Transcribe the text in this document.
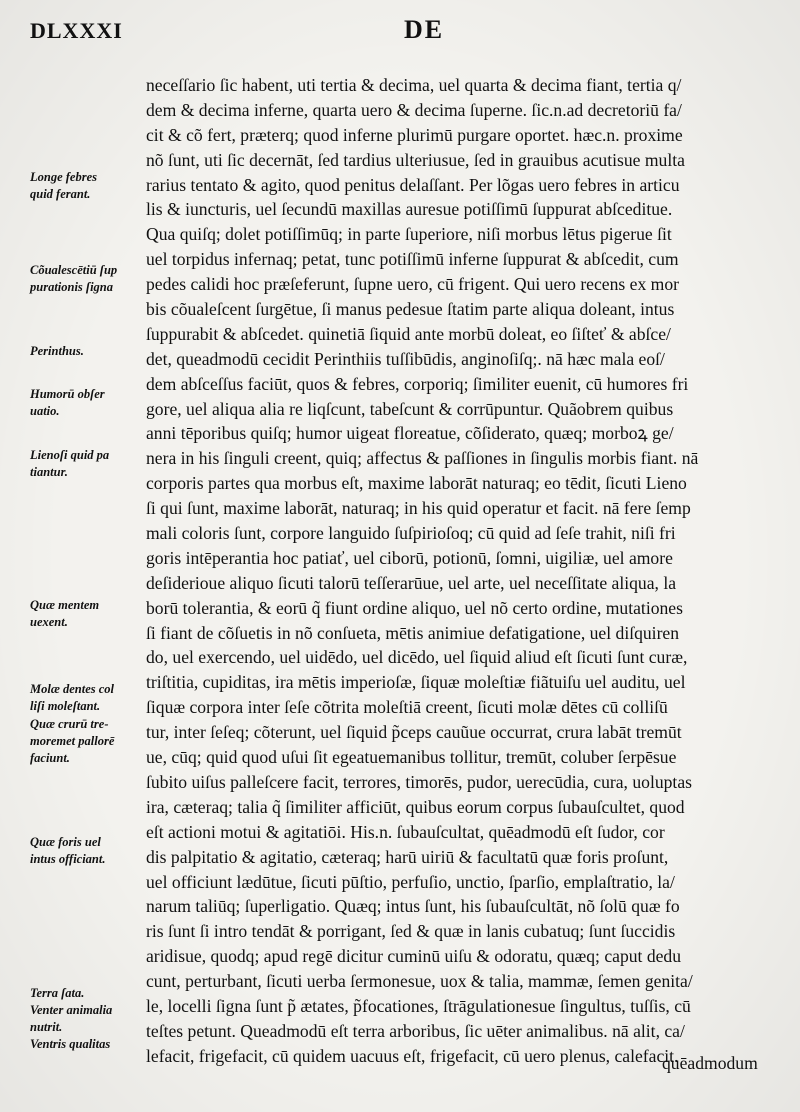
DLXXXI	DE
Longe febres
quid ferant.
Cõualescētiū ſup
purationis ſigna
Perinthus.
Humorū obſer
uatio.
Lienoſi quid pa
tiantur.
Quæ mentem
uexent.
Molæ dentes col
liſi moleſtant.
Quæ crurū tre-
moremet pallorē
faciunt.
Quæ foris uel
intus officiant.
Terra ſata.
Venter animalia
nutrit.
Ventris qualitas
neceſſario ſic habent, uti tertia & decima, uel quarta & decima fiant, tertia q/
dem & decima inferne, quarta uero & decima ſuperne. ſic.n.ad decretoriū fa/
cit & cõ fert, præterq; quod inferne plurimū purgare oportet. hæc.n. proxime
nõ ſunt, uti ſic decernāt, ſed tardius ulteriusue, ſed in grauibus acutisue multa
rarius tentato & agito, quod penitus delaſſant. Per lõgas uero febres in articu
lis & iuncturis, uel ſecundū maxillas auresue potiſſimū ſuppurat abſceditue.
Qua quiſq; dolet potiſſimūq; in parte ſuperiore, niſi morbus lētus pigerue ſit
uel torpidus infernaq; petat, tunc potiſſimū inferne ſuppurat & abſcedit, cum
pedes calidi hoc præſeferunt, ſupne uero, cū frigent. Qui uero recens ex mor
bis cõualeſcent ſurgētue, ſi manus pedesue ſtatim parte aliqua doleant, intus
ſuppurabit & abſcedet. quinetiā ſiquid ante morbū doleat, eo ſiſteť & abſce/
det, queadmodū cecidit Perinthiis tuſſibūdis, anginoſiſq;. nā hæc mala eoſ/
dem abſceſſus faciūt, quos & febres, corporiq; ſimiliter euenit, cū humores fri
gore, uel aliqua alia re liqſcunt, tabeſcunt & corrūpuntur. Quãobrem quibus
anni tēporibus quiſq; humor uigeat floreatue, cõſiderato, quæq; morboꝝ ge/
nera in his ſinguli creent, quiq; affectus & paſſiones in ſingulis morbis fiant. nā
corporis partes qua morbus eſt, maxime laborāt naturaq; eo tēdit, ſicuti Lieno
ſi qui ſunt, maxime laborāt, naturaq; in his quid operatur et facit. nā fere ſemp
mali coloris ſunt, corpore languido ſuſpirioſoq; cū quid ad ſeſe trahit, niſi fri
goris intēperantia hoc patiať, uel ciborū, potionū, ſomni, uigiliæ, uel amore
deſiderioue aliquo ſicuti talorū teſſerarūue, uel arte, uel neceſſitate aliqua, la
borū tolerantia, & eorū q̃ fiunt ordine aliquo, uel nõ certo ordine, mutationes
ſi fiant de cõſuetis in nõ conſueta, mētis animiue defatigatione, uel diſquiren
do, uel exercendo, uel uidēdo, uel dicēdo, uel ſiquid aliud eſt ſicuti ſunt curæ,
triſtitia, cupiditas, ira mētis imperioſæ, ſiquæ moleſtiæ fiãtuiſu uel auditu, uel
ſiquæ corpora inter ſeſe cõtrita moleſtiā creent, ſicuti molæ dētes cū colliſū
tur, inter ſeſeq; cõterunt, uel ſiquid p̃ceps cauũue occurrat, crura labāt tremūt
ue, cūq; quid quod uſui ſit egeatuemanibus tollitur, tremūt, coluber ſerpēsue
ſubito uiſus palleſcere facit, terrores, timorēs, pudor, uerecūdia, cura, uoluptas
ira, cæteraq; talia q̃ ſimiliter afficiūt, quibus eorum corpus ſubauſcultet, quod
eſt actioni motui & agitatiōi. His.n. ſubauſcultat, quēadmodū eſt ſudor, cor
dis palpitatio & agitatio, cæteraq; harū uiriū & facultatū quæ foris proſunt,
uel officiunt lædūtue, ſicuti pūſtio, perfuſio, unctio, ſparſio, emplaſtratio, la/
narum taliūq; ſuperligatio. Quæq; intus ſunt, his ſubauſcultāt, nõ ſolū quæ fo
ris ſunt ſi intro tendāt & porrigant, ſed & quæ in lanis cubatuq; ſunt ſuccidis
aridisue, quodq; apud regē dicitur cuminū uiſu & odoratu, quæq; caput dedu
cunt, perturbant, ſicuti uerba ſermonesue, uox & talia, mammæ, ſemen genita/
le, locelli ſigna ſunt p̃ ætates, p̃focationes, ſtrāgulationesue ſingultus, tuſſis, cū
teſtes petunt. Queadmodū eſt terra arboribus, ſic uēter animalibus. nā alit, ca/
lefacit, frigefacit, cū quidem uacuus eſt, frigefacit, cū uero plenus, calefacit.
quēadmodum
